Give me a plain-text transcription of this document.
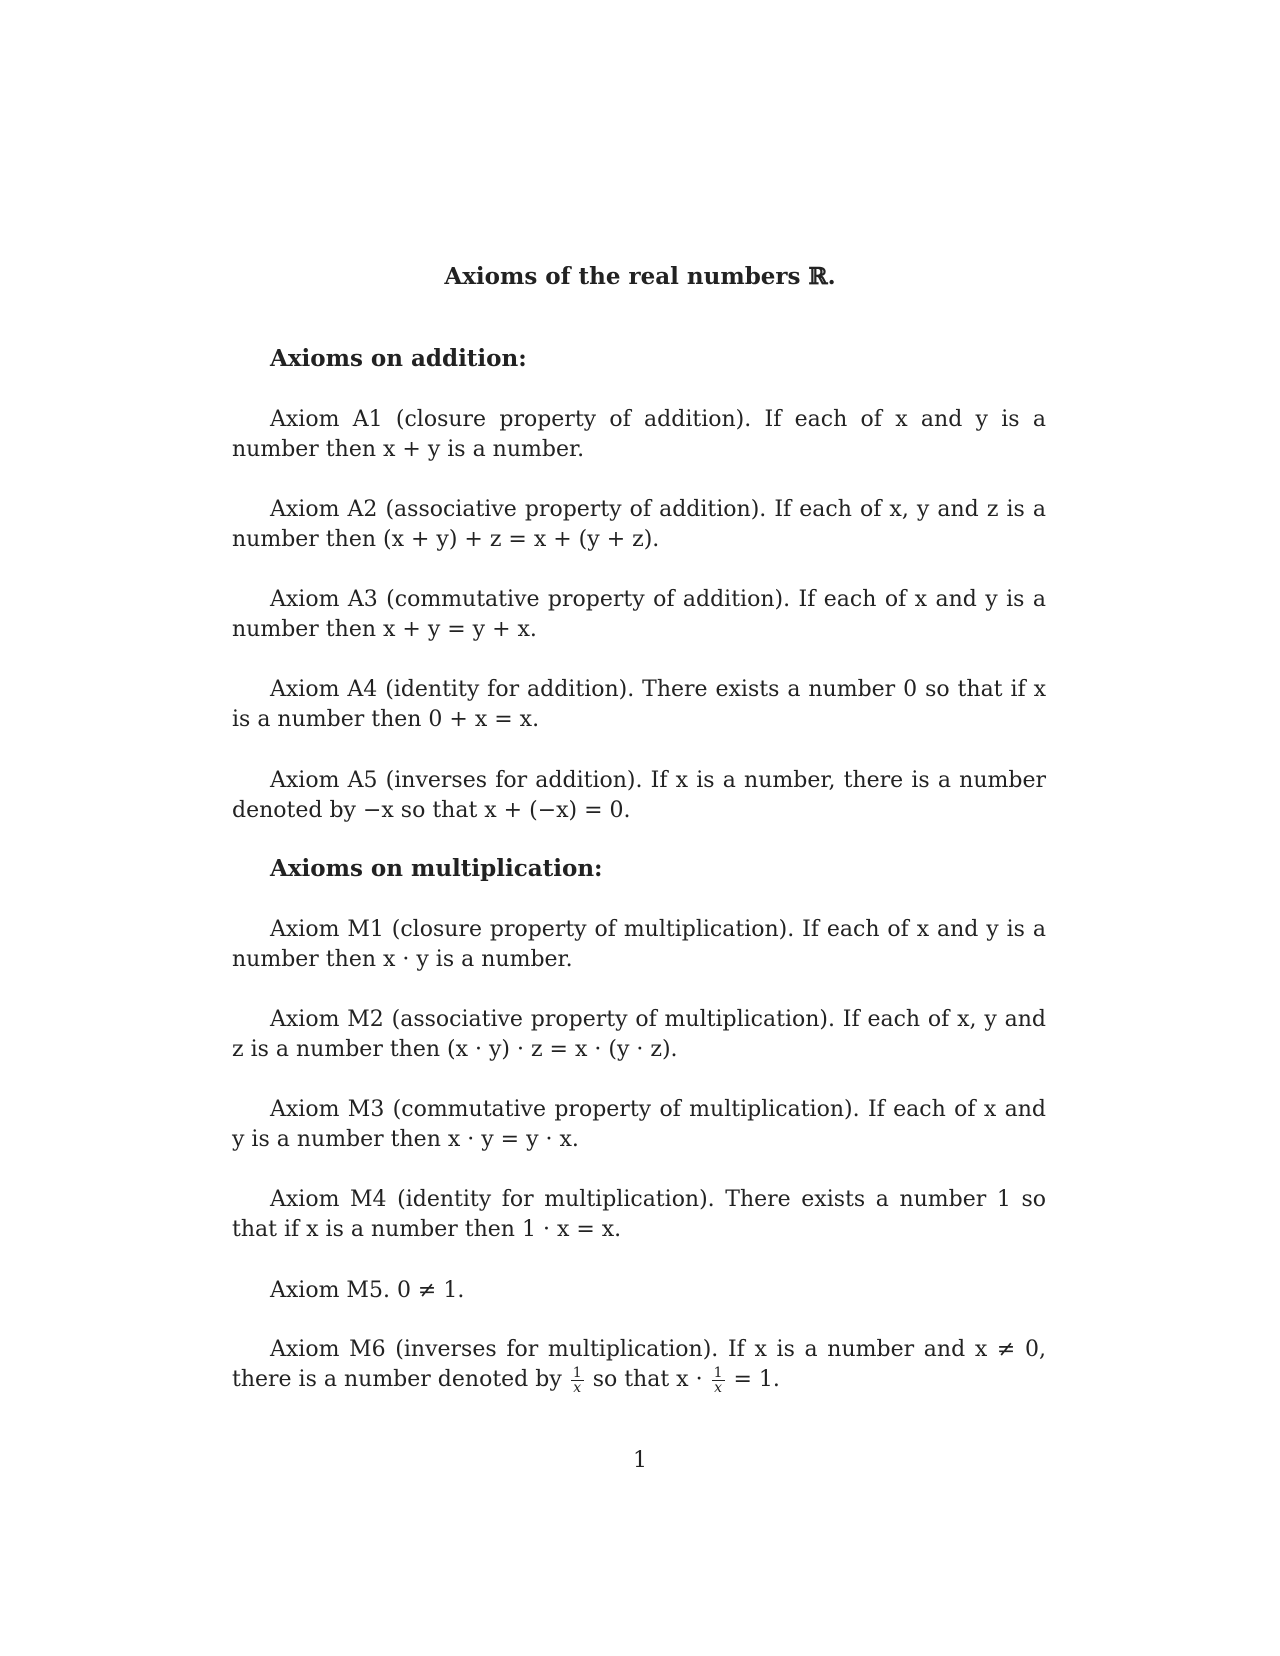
Axioms of the real numbers ℝ.
Axioms on addition:
Axiom A1 (closure property of addition). If each of x and y is a number then x + y is a number.
Axiom A2 (associative property of addition). If each of x, y and z is a number then (x + y) + z = x + (y + z).
Axiom A3 (commutative property of addition). If each of x and y is a number then x + y = y + x.
Axiom A4 (identity for addition). There exists a number 0 so that if x is a number then 0 + x = x.
Axiom A5 (inverses for addition). If x is a number, there is a number denoted by −x so that x + (−x) = 0.
Axioms on multiplication:
Axiom M1 (closure property of multiplication). If each of x and y is a number then x · y is a number.
Axiom M2 (associative property of multiplication). If each of x, y and z is a number then (x · y) · z = x · (y · z).
Axiom M3 (commutative property of multiplication). If each of x and y is a number then x · y = y · x.
Axiom M4 (identity for multiplication). There exists a number 1 so that if x is a number then 1 · x = x.
Axiom M5. 0 ≠ 1.
Axiom M6 (inverses for multiplication). If x is a number and x ≠ 0, there is a number denoted by $\frac{1}{x}$ so that $x \cdot \frac{1}{x} = 1$.
1
